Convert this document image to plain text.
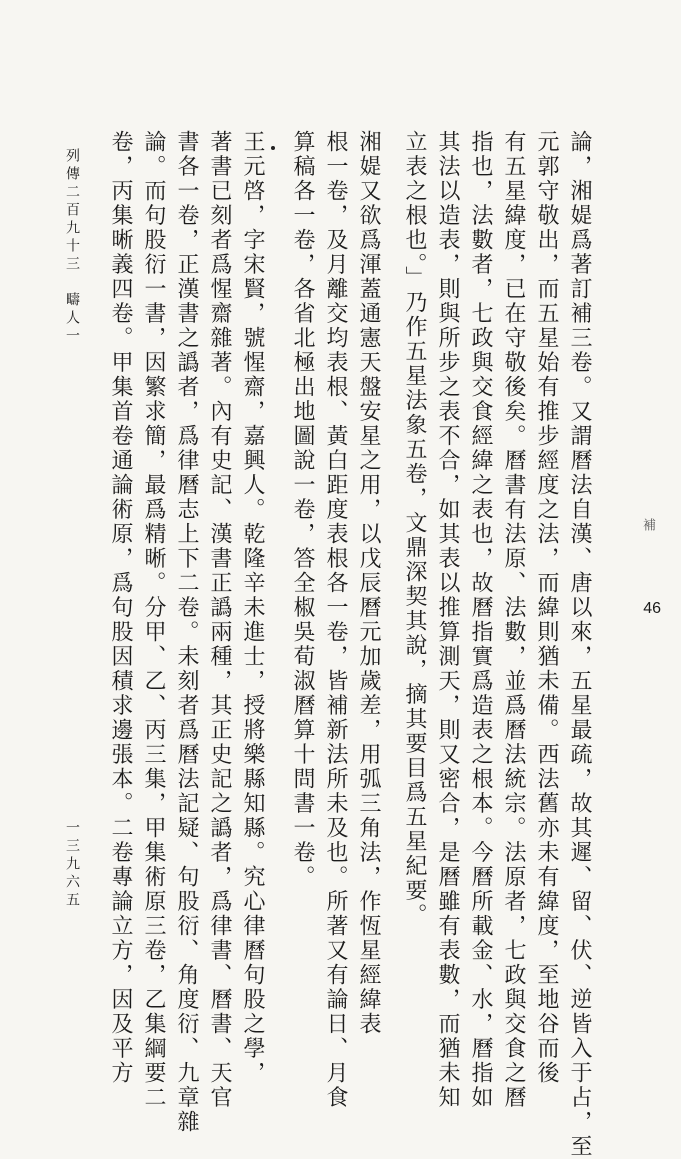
補
46
論，湘媞爲著訂補三卷。又謂曆法自漢、唐以來，五星最疏，故其遲、留、伏、逆皆入于占，至
元郭守敬出，而五星始有推步經度之法，而緯則猶未備。西法舊亦未有緯度，至地谷而後
有五星緯度，已在守敬後矣。曆書有法原、法數，並爲曆法統宗。法原者，七政與交食之曆
指也，法數者，七政與交食經緯之表也，故曆指實爲造表之根本。今曆所載金、水，曆指如
其法以造表，則與所步之表不合，如其表以推算測天，則又密合，是曆雖有表數，而猶未知
立表之根也。」乃作五星法象五卷，文鼎深契其說，摘其要目爲五星紀要。
湘媞又欲爲渾蓋通憲天盤安星之用，以戊辰曆元加歲差，用弧三角法，作恆星經緯表
根一卷，及月離交均表根、黃白距度表根各一卷，皆補新法所未及也。所著又有論日、月食
算稿各一卷，各省北極出地圖說一卷，答全椒吳荀淑曆算十問書一卷。
王元啓，字宋賢，號惺齋，嘉興人。乾隆辛未進士，授將樂縣知縣。究心律曆句股之學，
著書已刻者爲惺齋雜著。內有史記、漢書正譌兩種，其正史記之譌者，爲律書、曆書、天官
書各一卷，正漢書之譌者，爲律曆志上下二卷。未刻者爲曆法記疑、句股衍、角度衍、九章雜
論。而句股衍一書，因繁求簡，最爲精晰。分甲、乙、丙三集，甲集術原三卷，乙集綱要二
卷，丙集晰義四卷。甲集首卷通論術原，爲句股因積求邊張本。二卷專論立方，因及平方
列傳二百九十三　疇人一
一三九六五
